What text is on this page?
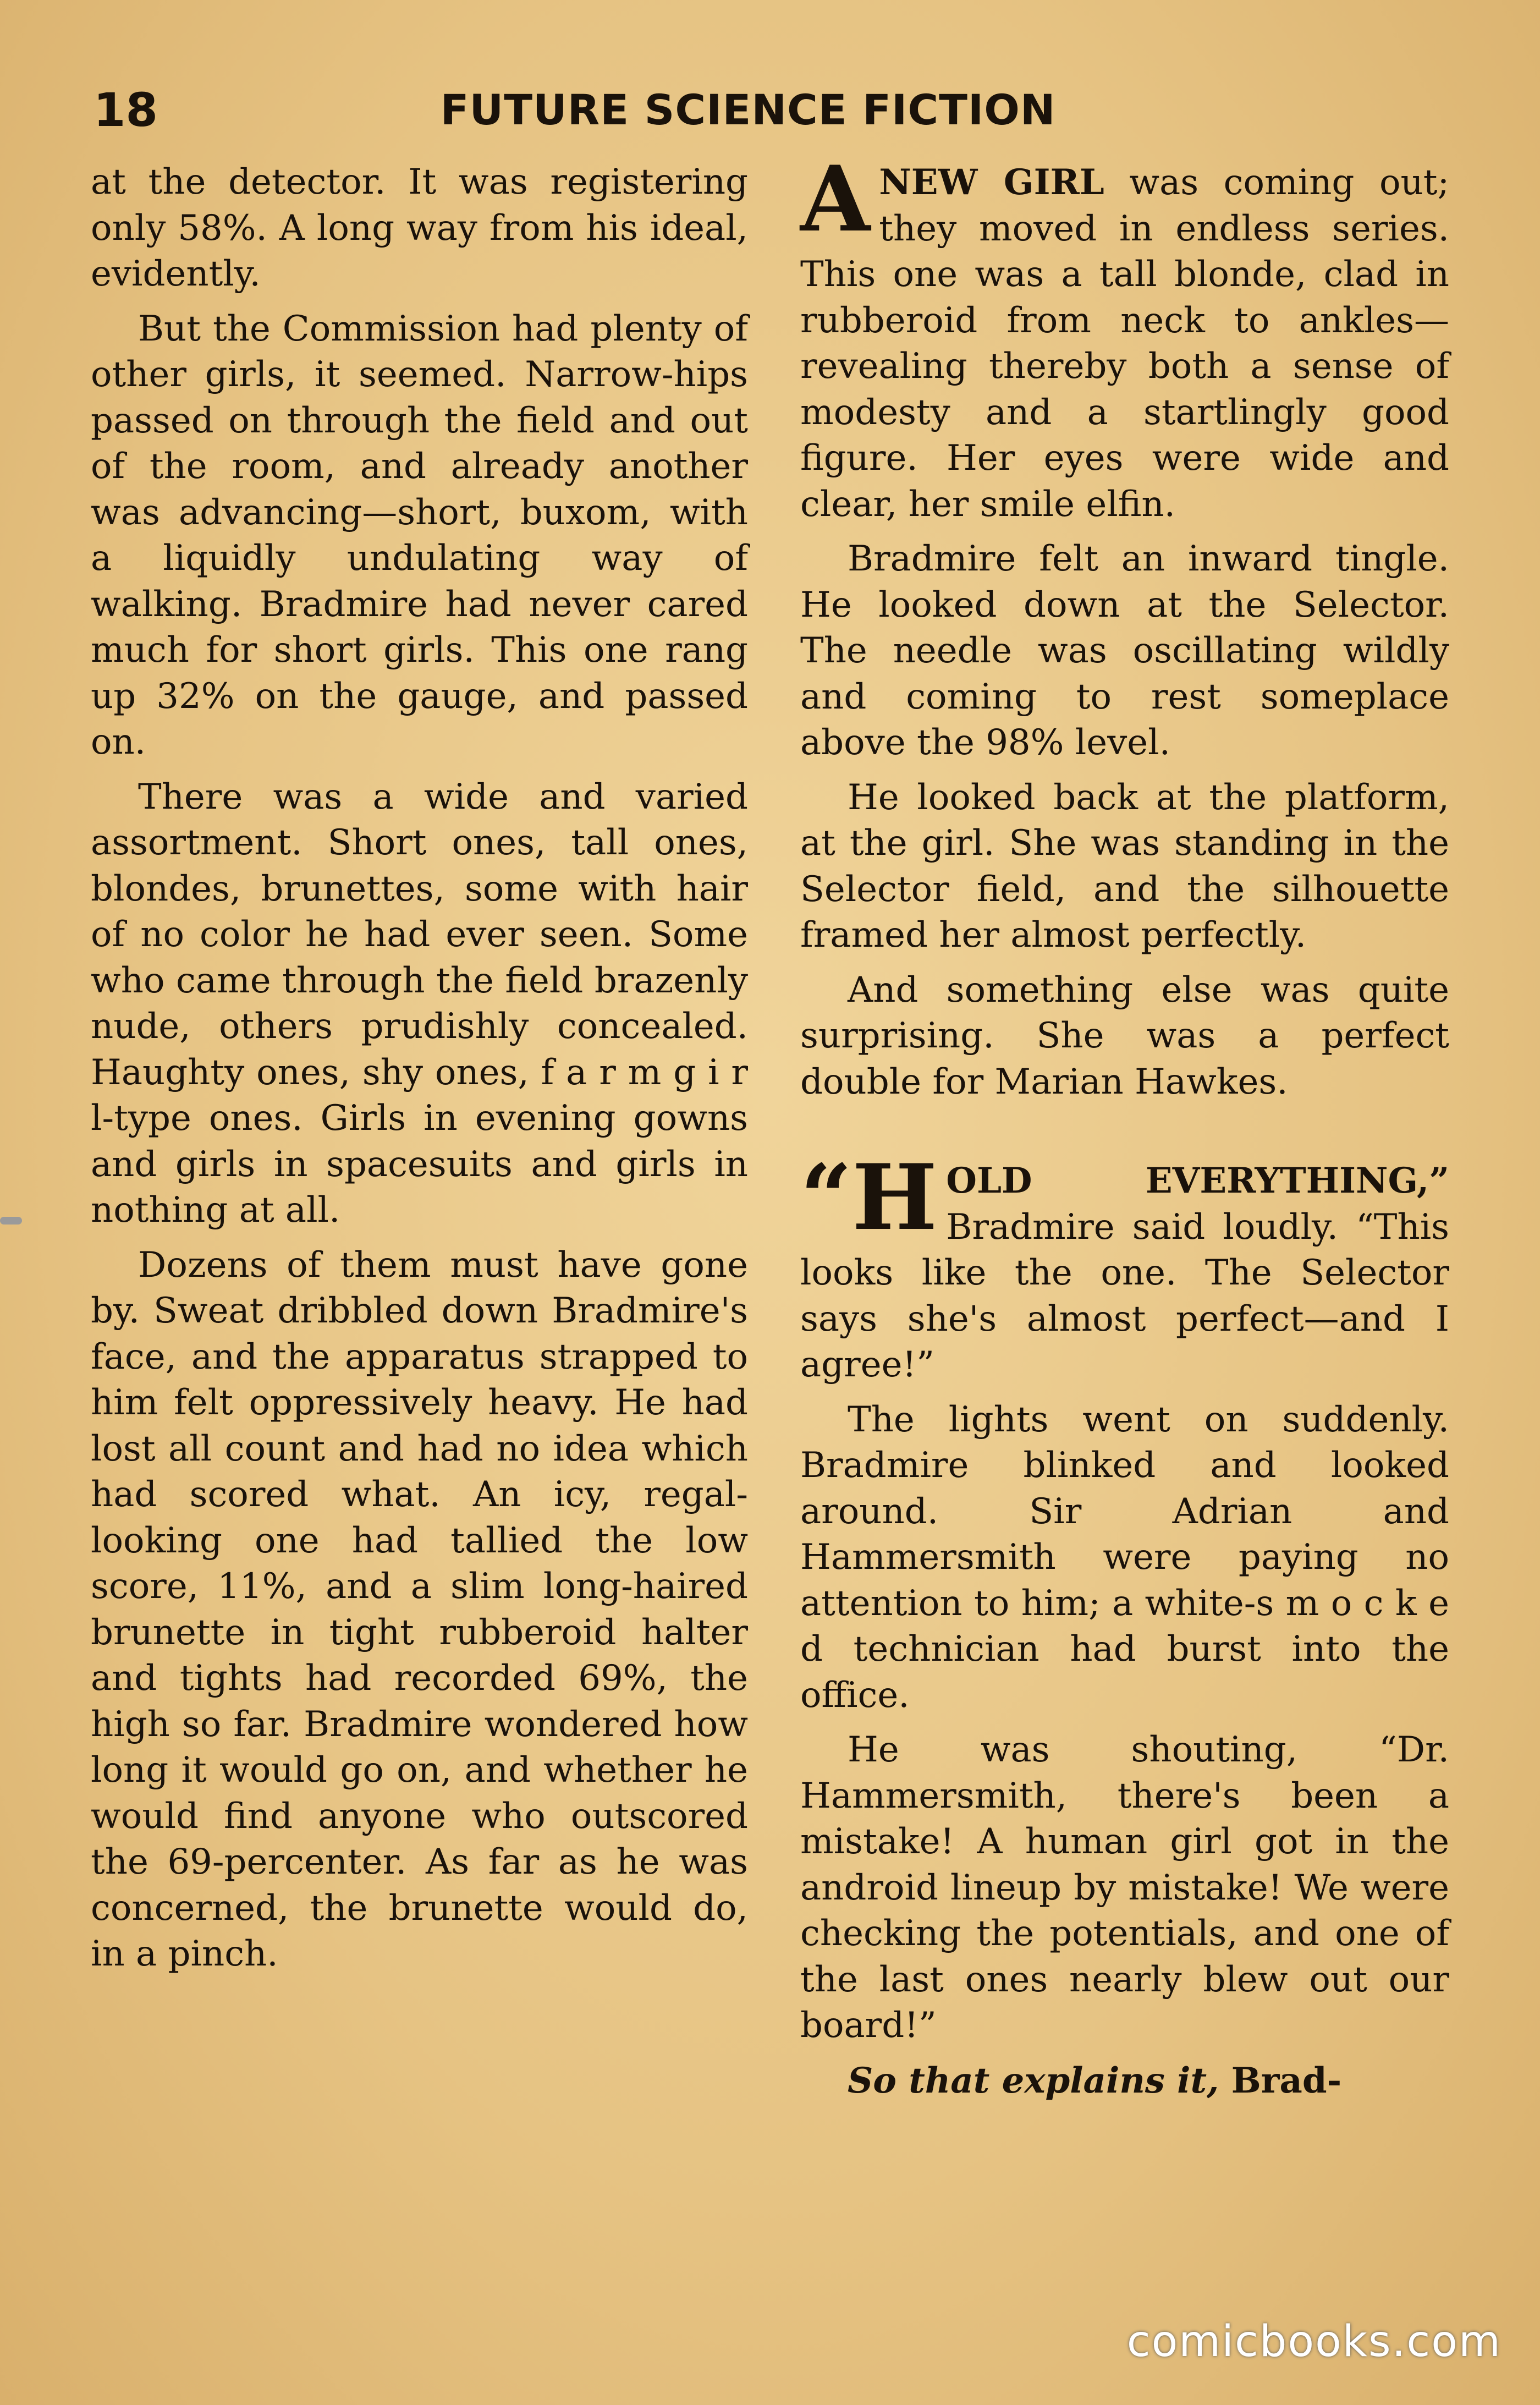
18	FUTURE SCIENCE FICTION

at the detector. It was registering only 58%. A long way from his ideal, evidently.

But the Commission had plenty of other girls, it seemed. Narrow-hips passed on through the field and out of the room, and already another was advancing—short, buxom, with a liquidly undulating way of walking. Bradmire had never cared much for short girls. This one rang up 32% on the gauge, and passed on.

There was a wide and varied assortment. Short ones, tall ones, blondes, brunettes, some with hair of no color he had ever seen. Some who came through the field brazenly nude, others prudishly concealed. Haughty ones, shy ones, f a r m g i r l-type ones. Girls in evening gowns and girls in spacesuits and girls in nothing at all.

Dozens of them must have gone by. Sweat dribbled down Bradmire's face, and the apparatus strapped to him felt oppressively heavy. He had lost all count and had no idea which had scored what. An icy, regal-looking one had tallied the low score, 11%, and a slim long-haired brunette in tight rubberoid halter and tights had recorded 69%, the high so far. Bradmire wondered how long it would go on, and whether he would find anyone who outscored the 69-percenter. As far as he was concerned, the brunette would do, in a pinch.

ANEW GIRL was coming out; they moved in endless series. This one was a tall blonde, clad in rubberoid from neck to ankles—revealing thereby both a sense of modesty and a startlingly good figure. Her eyes were wide and clear, her smile elfin.

Bradmire felt an inward tingle. He looked down at the Selector. The needle was oscillating wildly and coming to rest someplace above the 98% level.

He looked back at the platform, at the girl. She was standing in the Selector field, and the silhouette framed her almost perfectly.

And something else was quite surprising. She was a perfect double for Marian Hawkes.

“HOLD EVERYTHING,” Bradmire said loudly. “This looks like the one. The Selector says she's almost perfect—and I agree!”

The lights went on suddenly. Bradmire blinked and looked around. Sir Adrian and Hammersmith were paying no attention to him; a white-s m o c k e d technician had burst into the office.

He was shouting, “Dr. Hammersmith, there's been a mistake! A human girl got in the android lineup by mistake! We were checking the potentials, and one of the last ones nearly blew out our board!”

So that explains it, Brad-

comicbooks.com
